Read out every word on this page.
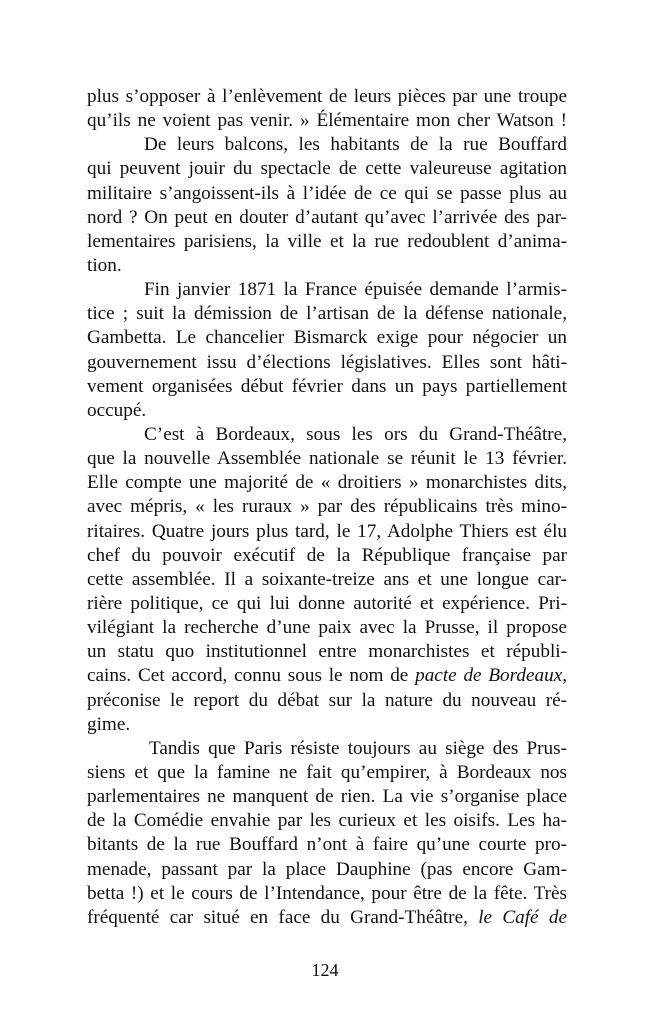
plus s’opposer à l’enlèvement de leurs pièces par une troupe
qu’ils ne voient pas venir. » Élémentaire mon cher Watson !
De leurs balcons, les habitants de la rue Bouffard
qui peuvent jouir du spectacle de cette valeureuse agitation
militaire s’angoissent-ils à l’idée de ce qui se passe plus au
nord ? On peut en douter d’autant qu’avec l’arrivée des par-
lementaires parisiens, la ville et la rue redoublent d’anima-
tion.
Fin janvier 1871 la France épuisée demande l’armis-
tice ; suit la démission de l’artisan de la défense nationale,
Gambetta. Le chancelier Bismarck exige pour négocier un
gouvernement issu d’élections législatives. Elles sont hâti-
vement organisées début février dans un pays partiellement
occupé.
C’est à Bordeaux, sous les ors du Grand-Théâtre,
que la nouvelle Assemblée nationale se réunit le 13 février.
Elle compte une majorité de « droitiers » monarchistes dits,
avec mépris, « les ruraux » par des républicains très mino-
ritaires. Quatre jours plus tard, le 17, Adolphe Thiers est élu
chef du pouvoir exécutif de la République française par
cette assemblée. Il a soixante-treize ans et une longue car-
rière politique, ce qui lui donne autorité et expérience. Pri-
vilégiant la recherche d’une paix avec la Prusse, il propose
un statu quo institutionnel entre monarchistes et républi-
cains. Cet accord, connu sous le nom de pacte de Bordeaux,
préconise le report du débat sur la nature du nouveau ré-
gime.
Tandis que Paris résiste toujours au siège des Prus-
siens et que la famine ne fait qu’empirer, à Bordeaux nos
parlementaires ne manquent de rien. La vie s’organise place
de la Comédie envahie par les curieux et les oisifs. Les ha-
bitants de la rue Bouffard n’ont à faire qu’une courte pro-
menade, passant par la place Dauphine (pas encore Gam-
betta !) et le cours de l’Intendance, pour être de la fête. Très
fréquenté car situé en face du Grand-Théâtre, le Café de
124
